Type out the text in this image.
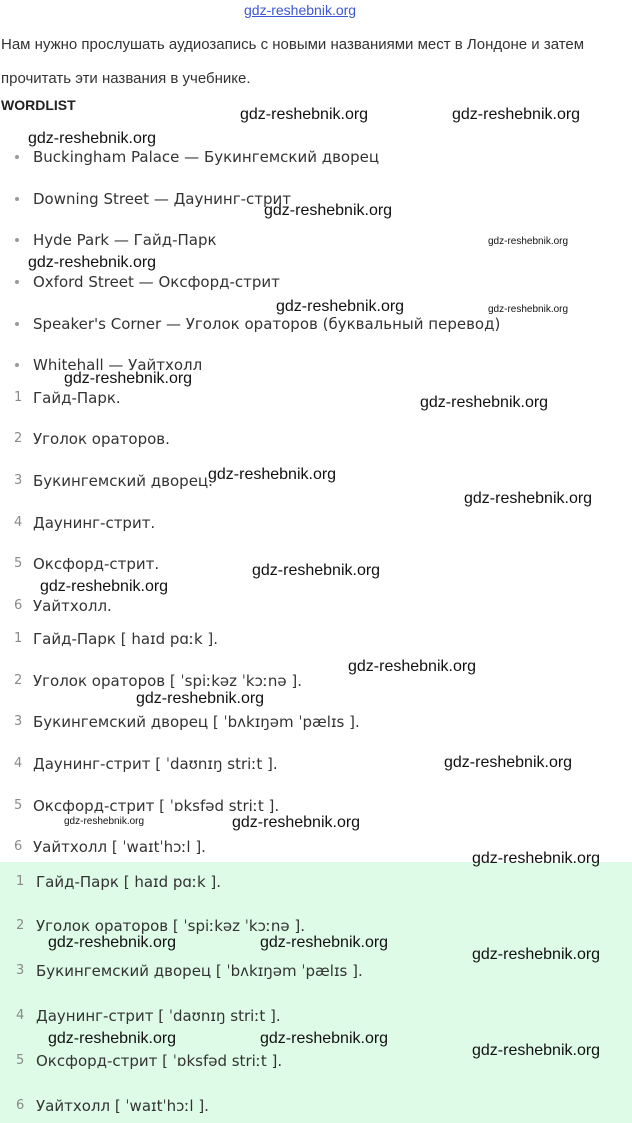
gdz-reshebnik.org
Нам нужно прослушать аудиозапись с новыми названиями мест в Лондоне и затем прочитать эти названия в учебнике.
WORDLIST
Buckingham Palace — Букингемский дворец
Downing Street — Даунинг-стрит
Hyde Park — Гайд-Парк
Oxford Street — Оксфорд-стрит
Speaker's Corner — Уголок ораторов (буквальный перевод)
Whitehall — Уайтхолл
1 Гайд-Парк.
2 Уголок ораторов.
3 Букингемский дворец.
4 Даунинг-стрит.
5 Оксфорд-стрит.
6 Уайтхолл.
1 Гайд-Парк [ haɪd pɑːk ].
2 Уголок ораторов [ ˈspiːkəz ˈkɔːnə ].
3 Букингемский дворец [ ˈbʌkɪŋəm ˈpælɪs ].
4 Даунинг-стрит [ ˈdaʊnɪŋ striːt ].
5 Оксфорд-стрит [ ˈɒksfəd striːt ].
6 Уайтхолл [ ˈwaɪtˈhɔːl ].
1 Гайд-Парк [ haɪd pɑːk ].
2 Уголок ораторов [ ˈspiːkəz ˈkɔːnə ].
3 Букингемский дворец [ ˈbʌkɪŋəm ˈpælɪs ].
4 Даунинг-стрит [ ˈdaʊnɪŋ striːt ].
5 Оксфорд-стрит [ ˈɒksfəd striːt ].
6 Уайтхолл [ ˈwaɪtˈhɔːl ].
gdz-reshebnik.org	gdz-reshebnik.org
gdz-reshebnik.org
gdz-reshebnik.org
gdz-reshebnik.org
gdz-reshebnik.org
gdz-reshebnik.org	gdz-reshebnik.org
gdz-reshebnik.org
gdz-reshebnik.org
gdz-reshebnik.org
gdz-reshebnik.org
gdz-reshebnik.org
gdz-reshebnik.org
gdz-reshebnik.org
gdz-reshebnik.org
gdz-reshebnik.org
gdz-reshebnik.org	gdz-reshebnik.org
gdz-reshebnik.org
gdz-reshebnik.org	gdz-reshebnik.org
gdz-reshebnik.org
gdz-reshebnik.org	gdz-reshebnik.org
gdz-reshebnik.org
